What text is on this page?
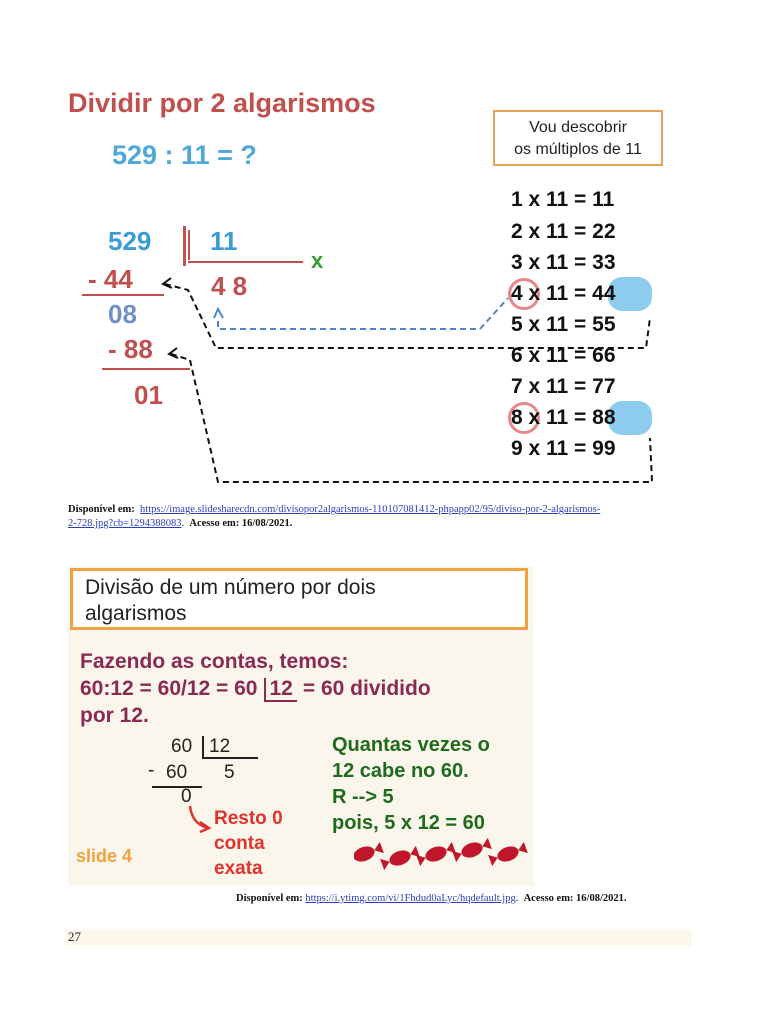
Dividir por 2 algarismos
529 : 11 = ?
Vou descobrir
os múltiplos de 11
529 11
x
4 8
- 44
08
- 88
01
1 x 11 = 11
2 x 11 = 22
3 x 11 = 33
4 x 11 = 44
5 x 11 = 55
6 x 11 = 66
7 x 11 = 77
8 x 11 = 88
9 x 11 = 99
Disponível em: https://image.slidesharecdn.com/divisopor2algarismos-110107081412-phpapp02/95/diviso-por-2-algarismos-
2-728.jpg?cb=1294388083.  Acesso em: 16/08/2021.
Divisão de um número por dois
algarismos
Fazendo as contas, temos:
60:12 = 60/12 = 60 12 = 60 dividido
por 12.
60 12
- 60 5
0
Resto 0
conta
exata
Quantas vezes o
12 cabe no 60.
R --> 5
pois, 5 x 12 = 60
slide 4
Disponível em: https://i.ytimg.com/vi/1Fhdud0aLyc/hqdefault.jpg.  Acesso em: 16/08/2021.
27
